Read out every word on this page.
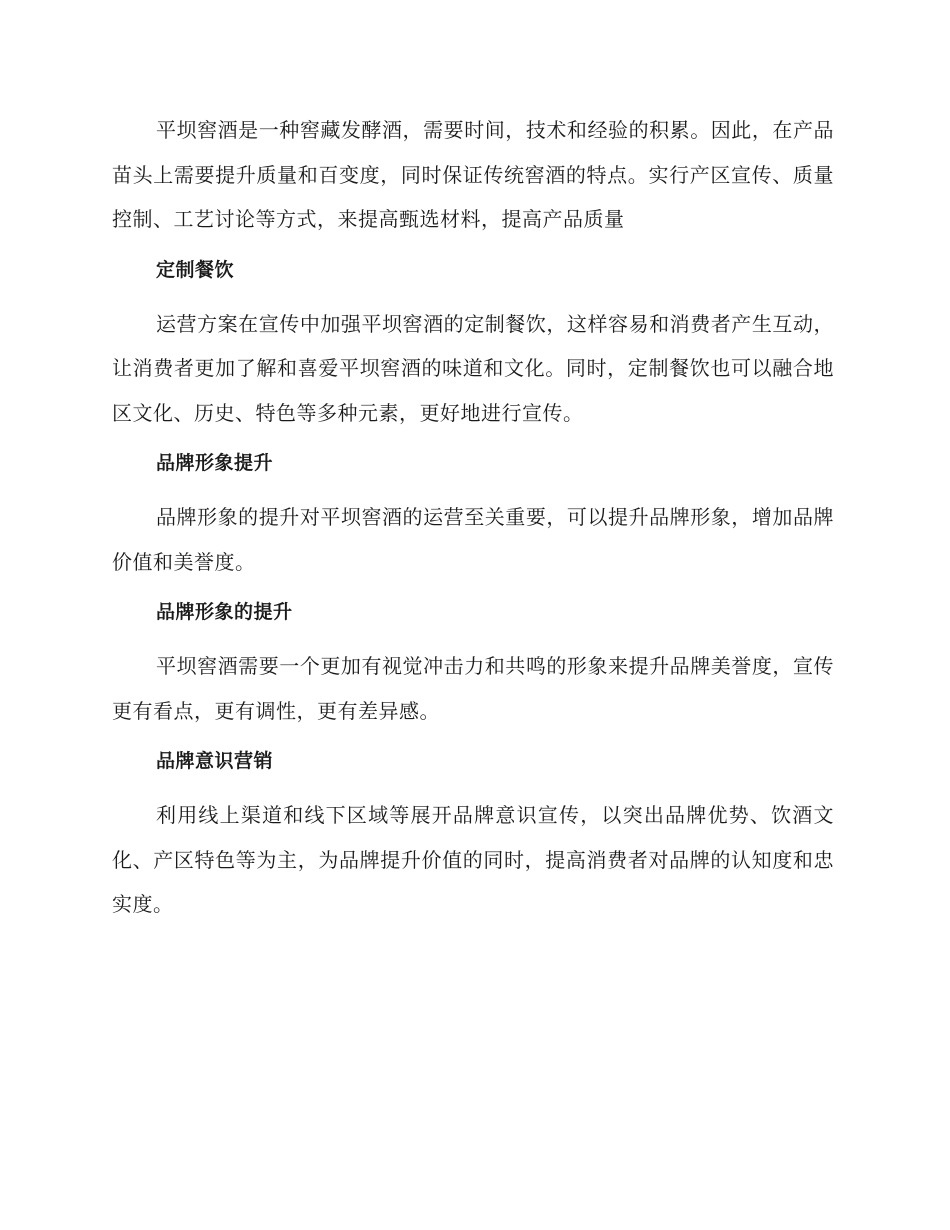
平坝窖酒是一种窖藏发酵酒，需要时间，技术和经验的积累。因此，在产品苗头上需要提升质量和百变度，同时保证传统窖酒的特点。实行产区宣传、质量控制、工艺讨论等方式，来提高甄选材料，提高产品质量

定制餐饮

运营方案在宣传中加强平坝窖酒的定制餐饮，这样容易和消费者产生互动，让消费者更加了解和喜爱平坝窖酒的味道和文化。同时，定制餐饮也可以融合地区文化、历史、特色等多种元素，更好地进行宣传。

品牌形象提升

品牌形象的提升对平坝窖酒的运营至关重要，可以提升品牌形象，增加品牌价值和美誉度。

品牌形象的提升

平坝窖酒需要一个更加有视觉冲击力和共鸣的形象来提升品牌美誉度，宣传更有看点，更有调性，更有差异感。

品牌意识营销

利用线上渠道和线下区域等展开品牌意识宣传，以突出品牌优势、饮酒文化、产区特色等为主，为品牌提升价值的同时，提高消费者对品牌的认知度和忠实度。
